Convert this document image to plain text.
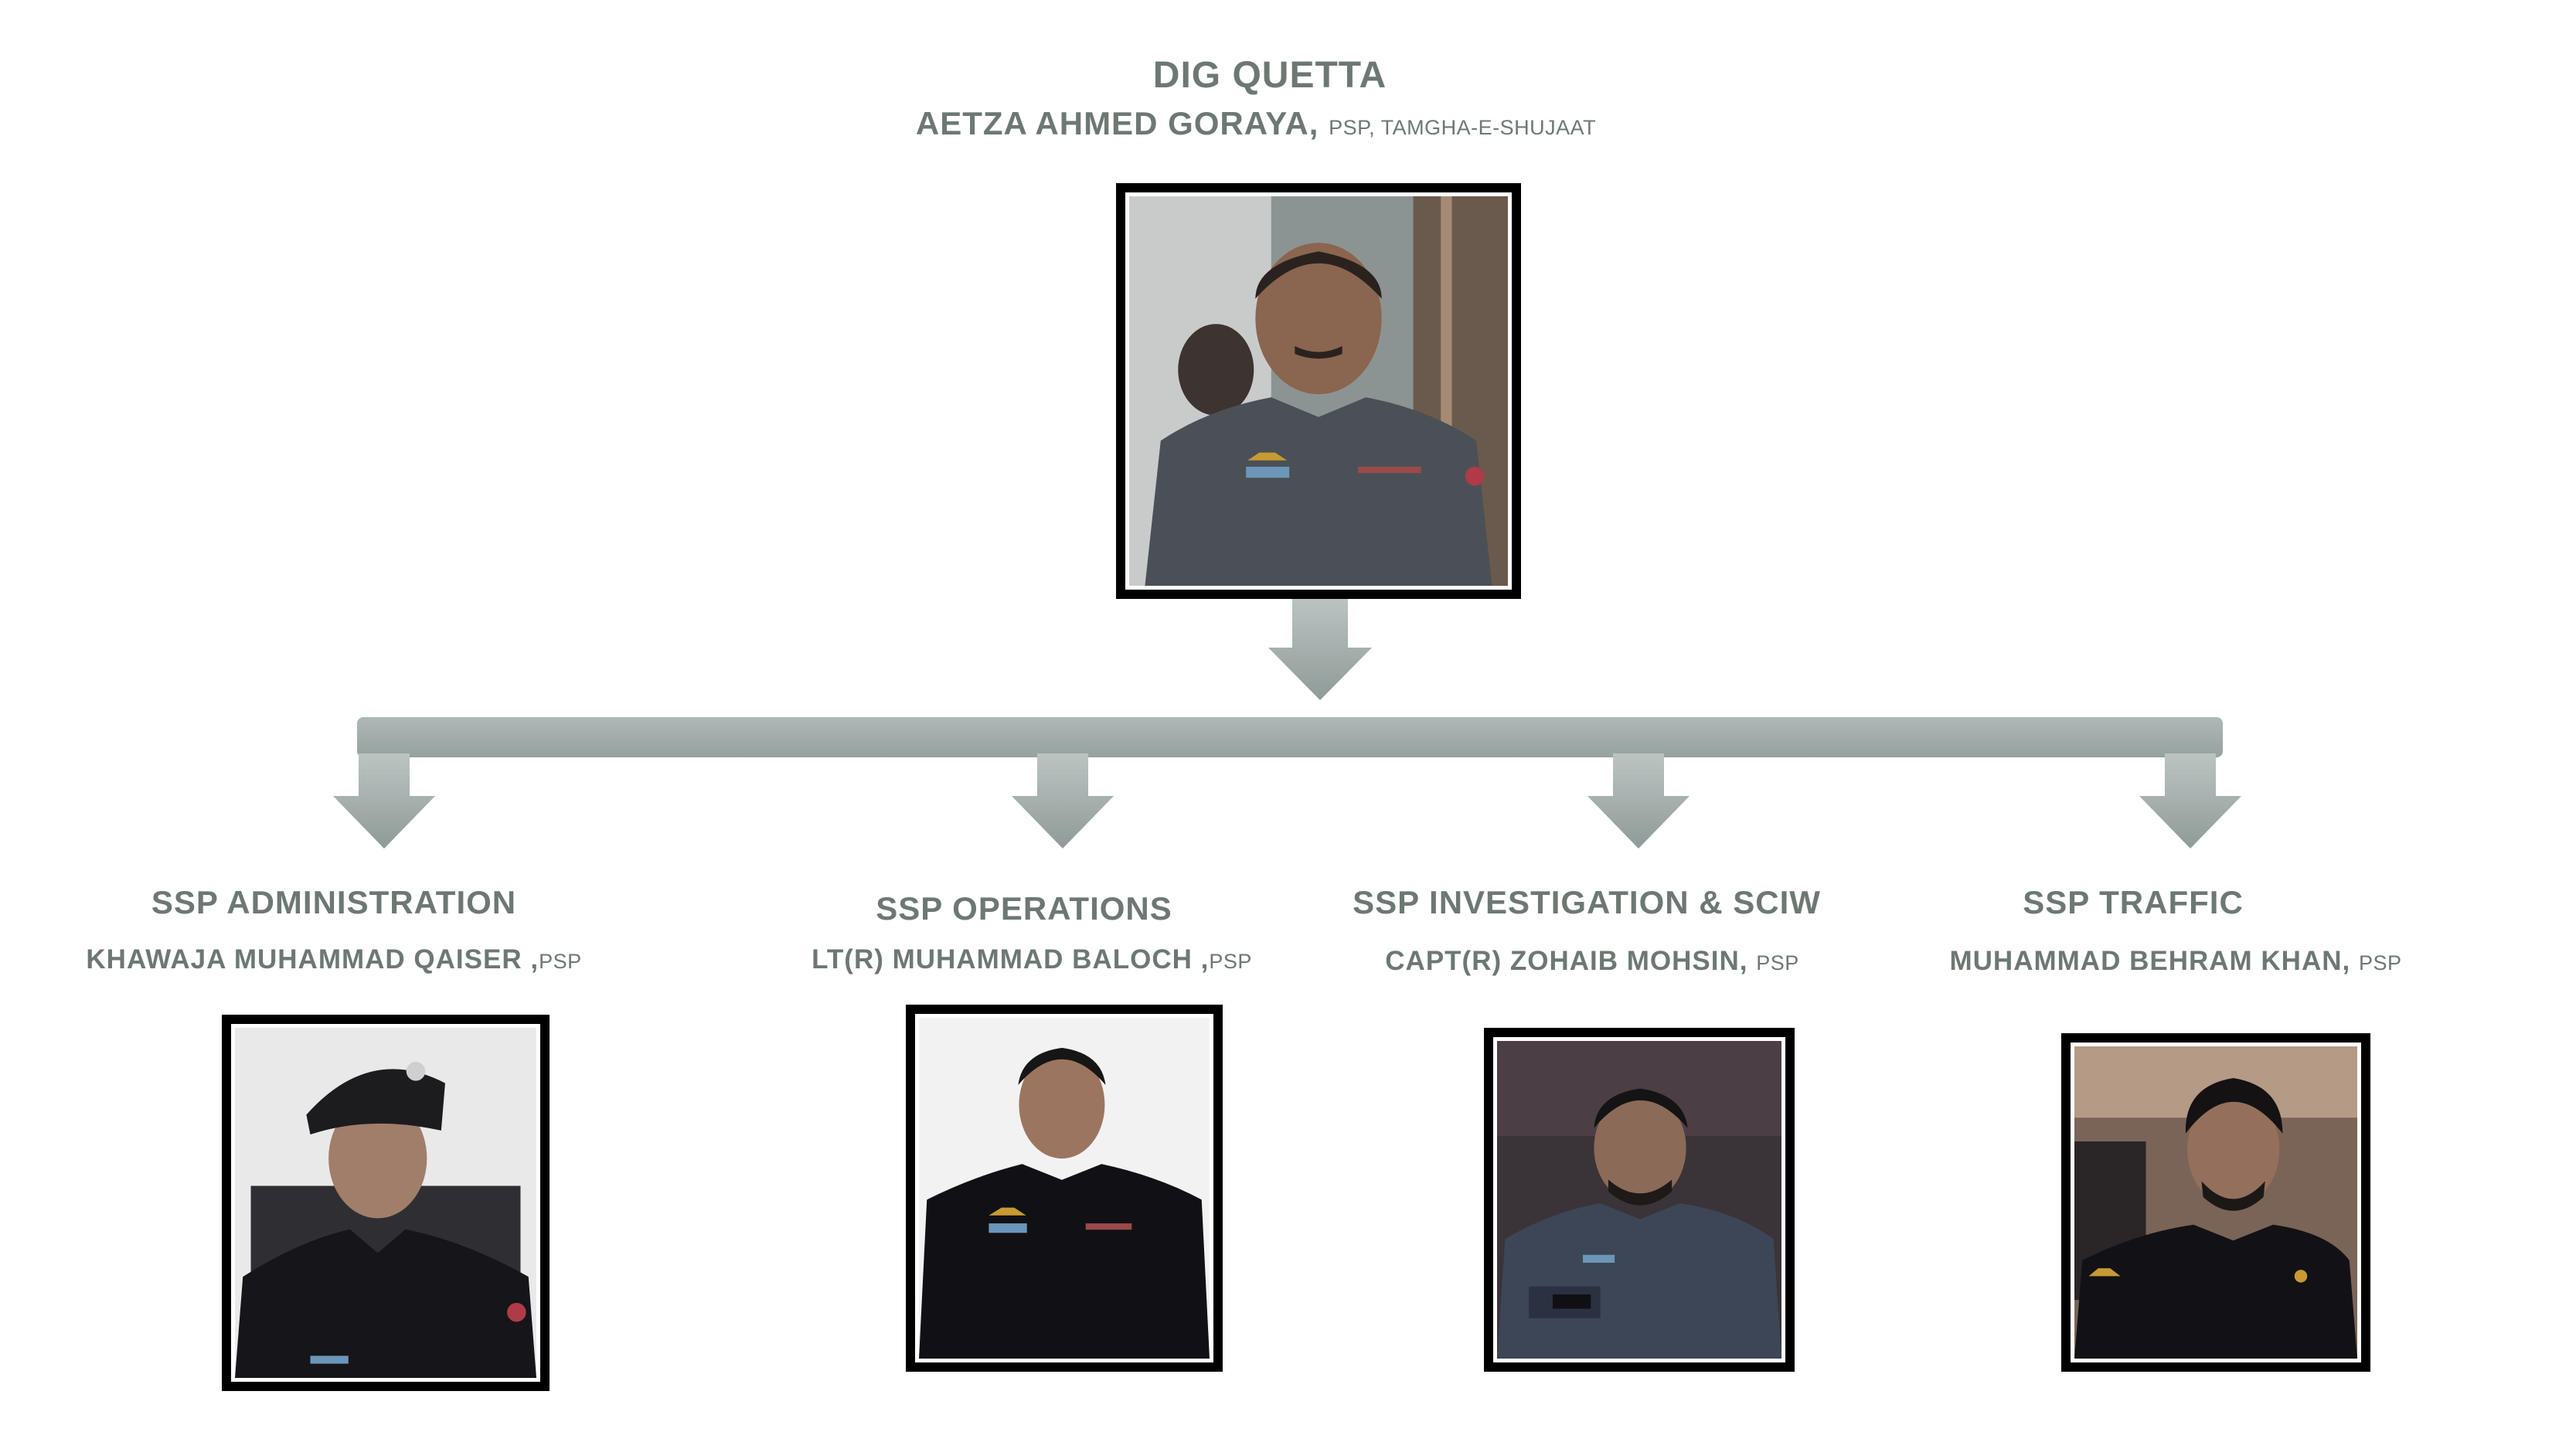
DIG QUETTA
AETZA AHMED GORAYA, PSP, TAMGHA-E-SHUJAAT
SSP ADMINISTRATION
KHAWAJA MUHAMMAD QAISER ,PSP
SSP OPERATIONS
LT(R) MUHAMMAD BALOCH ,PSP
SSP INVESTIGATION & SCIW
CAPT(R) ZOHAIB MOHSIN, PSP
SSP TRAFFIC
MUHAMMAD BEHRAM KHAN, PSP
